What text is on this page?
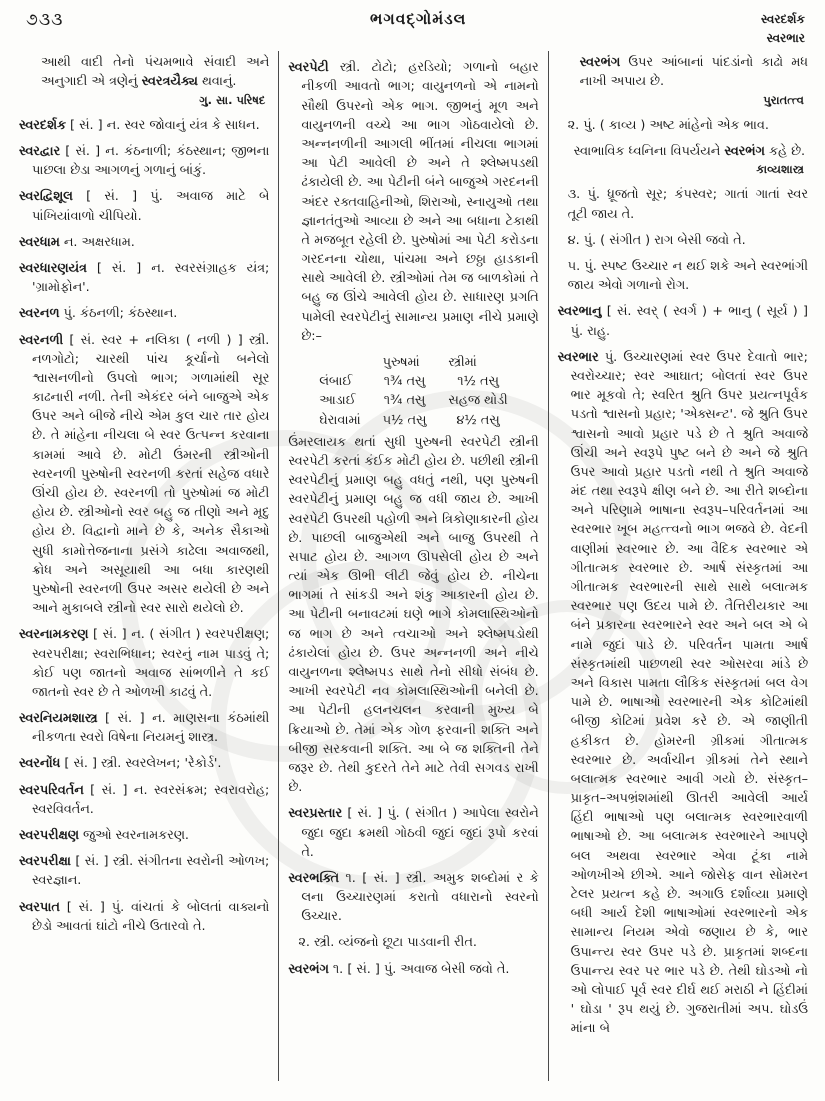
૭૩૩	ભગવદ્ગોમંડલ	સ્વરદર્શક
સ્વરભાર

આથી વાદી તેનો પંચમભાવે સંવાદી અને અનુગાદી એ ત્રણેનું સ્વરત્રયૈક્ય થવાનું.

ગુ. સા. પરિષદ

સ્વરદર્શક [ સં. ] ન. સ્વર જોવાનું યંત્ર કે સાધન.

સ્વરદ્વાર [ સં. ] ન. કંઠનાળી; કંઠસ્થાન; જીભના પાછલા છેડા આગળનું ગળાનું બાંકું.

સ્વરદ્વિશૂલ [ સં. ] પું. અવાજ માટે બે પાંખિયાંવાળો ચીપિયો.

સ્વરધામ ન. અક્ષરધામ.

સ્વરધારણયંત્ર [ સં. ] ન. સ્વરસંગ્રાહક યંત્ર; 'ગ્રામોફોન'.

સ્વરનળ પું. કંઠનળી; કંઠસ્થાન.

સ્વરનળી [ સં. સ્વર + નલિકા ( નળી ) ] સ્ત્રી. નળગોટો; ચારથી પાંચ કૂર્ચાનો બનેલો શ્વાસનળીનો ઉપલો ભાગ; ગળામાંથી સૂર કાઢનારી નળી. તેની એકંદર બંને બાજુએ એક ઉપર અને બીજે નીચે એમ કુલ ચાર તાર હોય છે. તે માંહેના નીચલા બે સ્વર ઉત્પન્ન કરવાના કામમાં આવે છે. મોટી ઉંમરની સ્ત્રીઓની સ્વરનળી પુરુષોની સ્વરનળી કરતાં સહેજ વધારે ઊંચી હોય છે. સ્વરનળી તો પુરુષોમાં જ મોટી હોય છે. સ્ત્રીઓનો સ્વર બહુ જ તીણો અને મૃદુ હોય છે. વિદ્વાનો માને છે કે, અનેક સૈકાઓ સુધી કામોત્તેજનાના પ્રસંગે કાઢેલા અવાજથી, ક્રોધ અને અસૂયાથી આ બધા કારણથી પુરુષોની સ્વરનળી ઉપર અસર થયેલી છે અને આને મુકાબલે સ્ત્રીનો સ્વર સારો થયેલો છે.

સ્વરનામકરણ [ સં. ] ન. ( સંગીત ) સ્વરપરીક્ષણ; સ્વરપરીક્ષા; સ્વરાભિધાન; સ્વરનું નામ પાડવું તે; કોઈ પણ જાતનો અવાજ સાંભળીને તે કઈ જાતનો સ્વર છે તે ઓળખી કાઢવું તે.

સ્વરનિયમશાસ્ત્ર [ સં. ] ન. માણસના કંઠમાંથી નીકળતા સ્વરો વિષેના નિયમનું શાસ્ત્ર.

સ્વરનોંધ [ સં. ] સ્ત્રી. સ્વરલેખન; 'રેકોર્ડ'.

સ્વરપરિવર્તન [ સં. ] ન. સ્વરસંક્રમ; સ્વરાવરોહ; સ્વરવિવર્તન.

સ્વરપરીક્ષણ જુઓ સ્વરનામકરણ.

સ્વરપરીક્ષા [ સં. ] સ્ત્રી. સંગીતના સ્વરોની ઓળખ; સ્વરજ્ઞાન.

સ્વરપાત [ સં. ] પું. વાંચતાં કે બોલતાં વાક્યનો છેડો આવતાં ઘાંટો નીચે ઉતારવો તે.

સ્વરપેટી સ્ત્રી. ટોટો; હરડિયો; ગળાનો બહાર નીકળી આવતો ભાગ; વાયુનળનો એ નામનો સૌથી ઉપરનો એક ભાગ. જીભનું મૂળ અને વાયુનળની વચ્ચે આ ભાગ ગોઠવાયેલો છે. અન્નનળીની આગલી ભીંતમાં નીચલા ભાગમાં આ પેટી આવેલી છે અને તે શ્લેષ્મપડથી ઢંકાયેલી છે. આ પેટીની બંને બાજુએ ગરદનની અંદર રક્તવાહિનીઓ, શિરાઓ, સ્નાયુઓ તથા જ્ઞાનતંતુઓ આવ્યા છે અને આ બધાના ટેકાથી તે મજબૂત રહેલી છે. પુરુષોમાં આ પેટી કરોડના ગરદનના ચોથા, પાંચમા અને છઠ્ઠા હાડકાની સાથે આવેલી છે. સ્ત્રીઓમાં તેમ જ બાળકોમાં તે બહુ જ ઊંચે આવેલી હોય છે. સાધારણ પ્રગતિ પામેલી સ્વરપેટીનું સામાન્ય પ્રમાણ નીચે પ્રમાણે છે:–

	પુરુષમાં	સ્ત્રીમાં
લંબાઈ	૧¾ તસુ	૧½ તસુ
આડાઈ	૧¾ તસુ	સહજ થોડી
ઘેરાવામાં	૫½ તસુ	૪½ તસુ

ઉંમરલાયક થતાં સુધી પુરુષની સ્વરપેટી સ્ત્રીની સ્વરપેટી કરતાં કંઈક મોટી હોય છે. પછીથી સ્ત્રીની સ્વરપેટીનું પ્રમાણ બહુ વધતું નથી, પણ પુરુષની સ્વરપેટીનું પ્રમાણ બહુ જ વધી જાય છે. આખી સ્વરપેટી ઉપરથી પહોળી અને ત્રિકોણાકારની હોય છે. પાછલી બાજુએથી અને બાજુ ઉપરથી તે સપાટ હોય છે. આગળ ઊપસેલી હોય છે અને ત્યાં એક ઊભી લીટી જેવું હોય છે. નીચેના ભાગમાં તે સાંકડી અને શંકુ આકારની હોય છે. આ પેટીની બનાવટમાં ઘણે ભાગે કોમલાસ્થિઓનો જ ભાગ છે અને ત્વચાઓ અને શ્લેષ્મપડોથી ઢંકાયેલાં હોય છે. ઉપર અન્નનળી અને નીચે વાયુનળના શ્લેષ્મપડ સાથે તેનો સીધો સંબંધ છે. આખી સ્વરપેટી નવ કોમલાસ્થિઓની બનેલી છે. આ પેટીની હલનચલન કરવાની મુખ્ય બે ક્રિયાઓ છે. તેમાં એક ગોળ ફરવાની શક્તિ અને બીજી સરકવાની શક્તિ. આ બે જ શક્તિની તેને જરૂર છે. તેથી કુદરતે તેને માટે તેવી સગવડ રાખી છે.

સ્વરપ્રસ્તાર [ સં. ] પું. ( સંગીત ) આપેલા સ્વરોને જુદા જુદા ક્રમથી ગોઠવી જુદાં જુદાં રૂપો કરવાં તે.

સ્વરભક્તિ ૧. [ સં. ] સ્ત્રી. અમુક શબ્દોમાં ર કે લના ઉચ્ચારણમાં કરાતો વધારાનો સ્વરનો ઉચ્ચાર.

૨. સ્ત્રી. વ્યંજનો છૂટા પાડવાની રીત.

સ્વરભંગ ૧. [ સં. ] પું. અવાજ બેસી જવો તે.

સ્વરભંગ ઉપર આંબાનાં પાંદડાંનો કાઢો મધ નાખી અપાય છે.

પુરાતત્ત્વ

૨. પું. ( કાવ્ય ) અષ્ટ માંહેનો એક ભાવ.

સ્વાભાવિક ધ્વનિના વિપર્યયને સ્વરભંગ કહે છે.

કાવ્યશાસ્ત્ર

૩. પું. ધ્રૂજતો સૂર; કંપસ્વર; ગાતાં ગાતાં સ્વર તૂટી જાય તે.

૪. પું. ( સંગીત ) રાગ બેસી જવો તે.

૫. પું. સ્પષ્ટ ઉચ્ચાર ન થઈ શકે અને સ્વરભાંગી જાય એવો ગળાનો રોગ.

સ્વરભાનુ [ સં. સ્વર્ ( સ્વર્ગ ) + ભાનુ ( સૂર્ય ) ] પું. રાહુ.

સ્વરભાર પું. ઉચ્ચારણમાં સ્વર ઉપર દેવાતો ભાર; સ્વરોચ્ચાર; સ્વર આઘાત; બોલતાં સ્વર ઉપર ભાર મૂકવો તે; સ્વરિત શ્રુતિ ઉપર પ્રયત્નપૂર્વક પડતો શ્વાસનો પ્રહાર; 'એક્સન્ટ'. જે શ્રુતિ ઉપર શ્વાસનો આવો પ્રહાર પડે છે તે શ્રુતિ અવાજે ઊંચી અને સ્વરૂપે પુષ્ટ બને છે અને જે શ્રુતિ ઉપર આવો પ્રહાર પડતો નથી તે શ્રુતિ અવાજે મંદ તથા સ્વરૂપે ક્ષીણ બને છે. આ રીતે શબ્દોના અને પરિણામે ભાષાના સ્વરૂપ–પરિવર્તનમાં આ સ્વરભાર ખૂબ મહત્ત્વનો ભાગ ભજવે છે. વેદની વાણીમાં સ્વરભાર છે. આ વૈદિક સ્વરભાર એ ગીતાત્મક સ્વરભાર છે. આર્ષ સંસ્કૃતમાં આ ગીતાત્મક સ્વરભારની સાથે સાથે બલાત્મક સ્વરભાર પણ ઉદય પામે છે. તૈત્તિરીયકાર આ બંને પ્રકારના સ્વરભારને સ્વર અને બલ એ બે નામે જુદાં પાડે છે. પરિવર્તન પામતા આર્ષ સંસ્કૃતમાંથી પાછળથી સ્વર ઓસરવા માંડે છે અને વિકાસ પામતા લૌકિક સંસ્કૃતમાં બલ વેગ પામે છે. ભાષાઓ સ્વરભારની એક કોટિમાંથી બીજી કોટિમાં પ્રવેશ કરે છે. એ જાણીતી હકીકત છે. હોમરની ગ્રીકમાં ગીતાત્મક સ્વરભાર છે. અર્વાચીન ગ્રીકમાં તેને સ્થાને બલાત્મક સ્વરભાર આવી ગયો છે. સંસ્કૃત–પ્રાકૃત–અપભ્રંશમાંથી ઊતરી આવેલી આર્ય હિંદી ભાષાઓ પણ બલાત્મક સ્વરભારવાળી ભાષાઓ છે. આ બલાત્મક સ્વરભારને આપણે બલ અથવા સ્વરભાર એવા ટૂંકા નામે ઓળખીએ છીએ. આને જોસેફ વાન સોમરન ટેલર પ્રયત્ન કહે છે. અગાઉ દર્શાવ્યા પ્રમાણે બધી આર્ય દેશી ભાષાઓમાં સ્વરભારનો એક સામાન્ય નિયમ એવો જણાય છે કે, ભાર ઉપાન્ત્ય સ્વર ઉપર પડે છે. પ્રાકૃતમાં શબ્દના ઉપાન્ત્ય સ્વર પર ભાર પડે છે. તેથી ઘોડઓ નો ઓ લોપાઈ પૂર્વ સ્વર દીર્ઘ થઈ મરાઠી ને હિંદીમાં ' ઘોડા ' રૂપ થયું છે. ગુજરાતીમાં અપ. ઘોડઉં માંના બે
